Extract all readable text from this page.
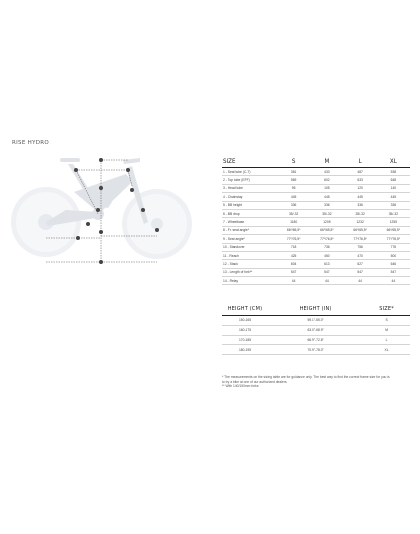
RISE HYDRO
SIZE	S	M	L	XL
1 - Seat tube (C-T)	381	433	487	538
2 - Top tube (EFF)	569	602	633	648
3 - Head tube	95	105	120	140
4 - Chainstay	445	445	445	445
5 - BB height	336	336	336	336
6 - BB drop	35/-32	35/-32	28/-32	35/-32
7 - Wheelbase	1180	1205	1232	1255
8 - Fr. seat angle*	66º/65,5º	66º/65,5º	66º/65,5º	66º/65,5º
9 - Seat angle*	77º/76,5º	77º/76,5º	77º/76,5º	77º/76,5º
10 - Standover	718	736	756	776
11 - Reach	425	450	470	500
12 - Stack	604	613	627	646
13 - Length of fork**	547	547	547	547
14 - Relay	44	44	44	44
HEIGHT (CM)	HEIGHT (IN)	SIZE*
150-165	59.1"-65.0"	S
160-175	63.0"-68.9"	M
170-185	66.9"-72.8"	L
180-195	70.9"-78.0"	XL
* The measurements on the sizing table are for guidance only. The best way to find the correct frame size for you is
to try a bike at one of our authorized dealers.
** With 140/150mm forks
